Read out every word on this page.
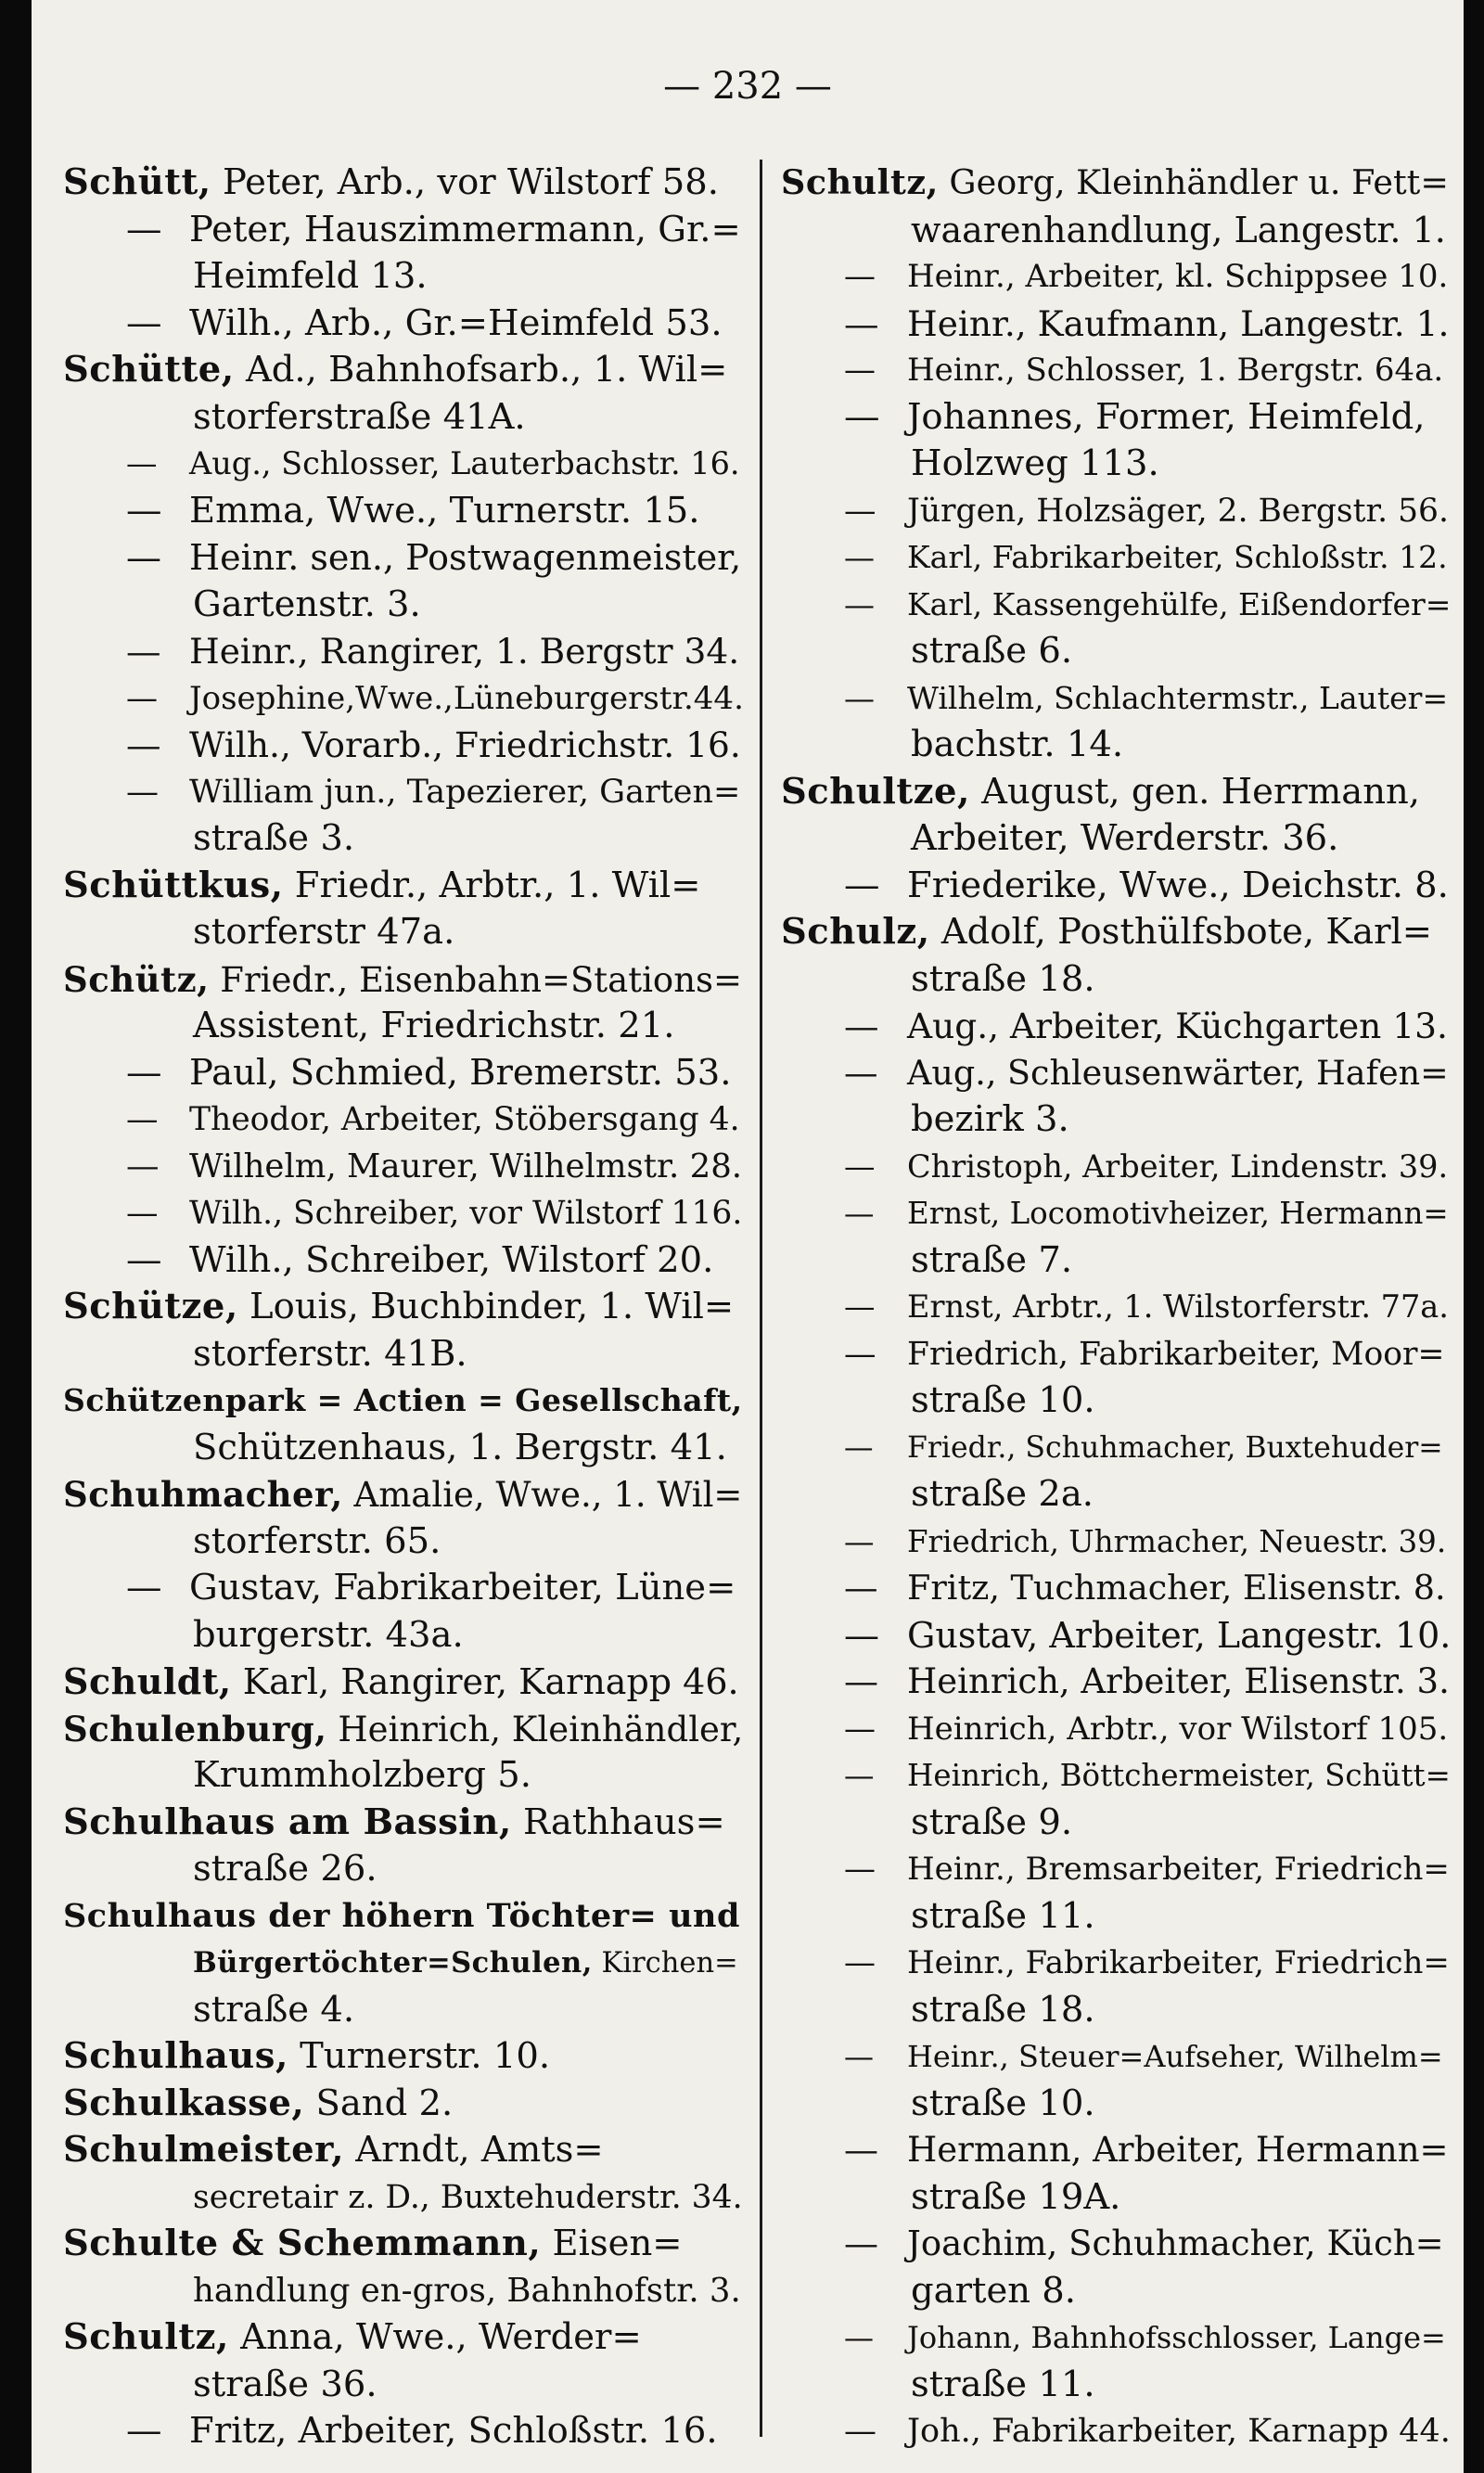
— 232 —
Schütt, Peter, Arb., vor Wilstorf 58.
— Peter, Hauszimmermann, Gr.=
Heimfeld 13.
— Wilh., Arb., Gr.=Heimfeld 53.
Schütte, Ad., Bahnhofsarb., 1. Wil=
storferstraße 41A.
— Aug., Schlosser, Lauterbachstr. 16.
— Emma, Wwe., Turnerstr. 15.
— Heinr. sen., Postwagenmeister,
Gartenstr. 3.
— Heinr., Rangirer, 1. Bergstr 34.
— Josephine,Wwe.,Lüneburgerstr.44.
— Wilh., Vorarb., Friedrichstr. 16.
— William jun., Tapezierer, Garten=
straße 3.
Schüttkus, Friedr., Arbtr., 1. Wil=
storferstr 47a.
Schütz, Friedr., Eisenbahn=Stations=
Assistent, Friedrichstr. 21.
— Paul, Schmied, Bremerstr. 53.
— Theodor, Arbeiter, Stöbersgang 4.
— Wilhelm, Maurer, Wilhelmstr. 28.
— Wilh., Schreiber, vor Wilstorf 116.
— Wilh., Schreiber, Wilstorf 20.
Schütze, Louis, Buchbinder, 1. Wil=
storferstr. 41B.
Schützenpark = Actien = Gesellschaft,
Schützenhaus, 1. Bergstr. 41.
Schuhmacher, Amalie, Wwe., 1. Wil=
storferstr. 65.
— Gustav, Fabrikarbeiter, Lüne=
burgerstr. 43a.
Schuldt, Karl, Rangirer, Karnapp 46.
Schulenburg, Heinrich, Kleinhändler,
Krummholzberg 5.
Schulhaus am Bassin, Rathhaus=
straße 26.
Schulhaus der höhern Töchter= und
Bürgertöchter=Schulen, Kirchen=
straße 4.
Schulhaus, Turnerstr. 10.
Schulkasse, Sand 2.
Schulmeister, Arndt, Amts=
secretair z. D., Buxtehuderstr. 34.
Schulte & Schemmann, Eisen=
handlung en-gros, Bahnhofstr. 3.
Schultz, Anna, Wwe., Werder=
straße 36.
— Fritz, Arbeiter, Schloßstr. 16.
Schultz, Georg, Kleinhändler u. Fett=
waarenhandlung, Langestr. 1.
— Heinr., Arbeiter, kl. Schippsee 10.
— Heinr., Kaufmann, Langestr. 1.
— Heinr., Schlosser, 1. Bergstr. 64a.
— Johannes, Former, Heimfeld,
Holzweg 113.
— Jürgen, Holzsäger, 2. Bergstr. 56.
— Karl, Fabrikarbeiter, Schloßstr. 12.
— Karl, Kassengehülfe, Eißendorfer=
straße 6.
— Wilhelm, Schlachtermstr., Lauter=
bachstr. 14.
Schultze, August, gen. Herrmann,
Arbeiter, Werderstr. 36.
— Friederike, Wwe., Deichstr. 8.
Schulz, Adolf, Posthülfsbote, Karl=
straße 18.
— Aug., Arbeiter, Küchgarten 13.
— Aug., Schleusenwärter, Hafen=
bezirk 3.
— Christoph, Arbeiter, Lindenstr. 39.
— Ernst, Locomotivheizer, Hermann=
straße 7.
— Ernst, Arbtr., 1. Wilstorferstr. 77a.
— Friedrich, Fabrikarbeiter, Moor=
straße 10.
— Friedr., Schuhmacher, Buxtehuder=
straße 2a.
— Friedrich, Uhrmacher, Neuestr. 39.
— Fritz, Tuchmacher, Elisenstr. 8.
— Gustav, Arbeiter, Langestr. 10.
— Heinrich, Arbeiter, Elisenstr. 3.
— Heinrich, Arbtr., vor Wilstorf 105.
— Heinrich, Böttchermeister, Schütt=
straße 9.
— Heinr., Bremsarbeiter, Friedrich=
straße 11.
— Heinr., Fabrikarbeiter, Friedrich=
straße 18.
— Heinr., Steuer=Aufseher, Wilhelm=
straße 10.
— Hermann, Arbeiter, Hermann=
straße 19A.
— Joachim, Schuhmacher, Küch=
garten 8.
— Johann, Bahnhofsschlosser, Lange=
straße 11.
— Joh., Fabrikarbeiter, Karnapp 44.
